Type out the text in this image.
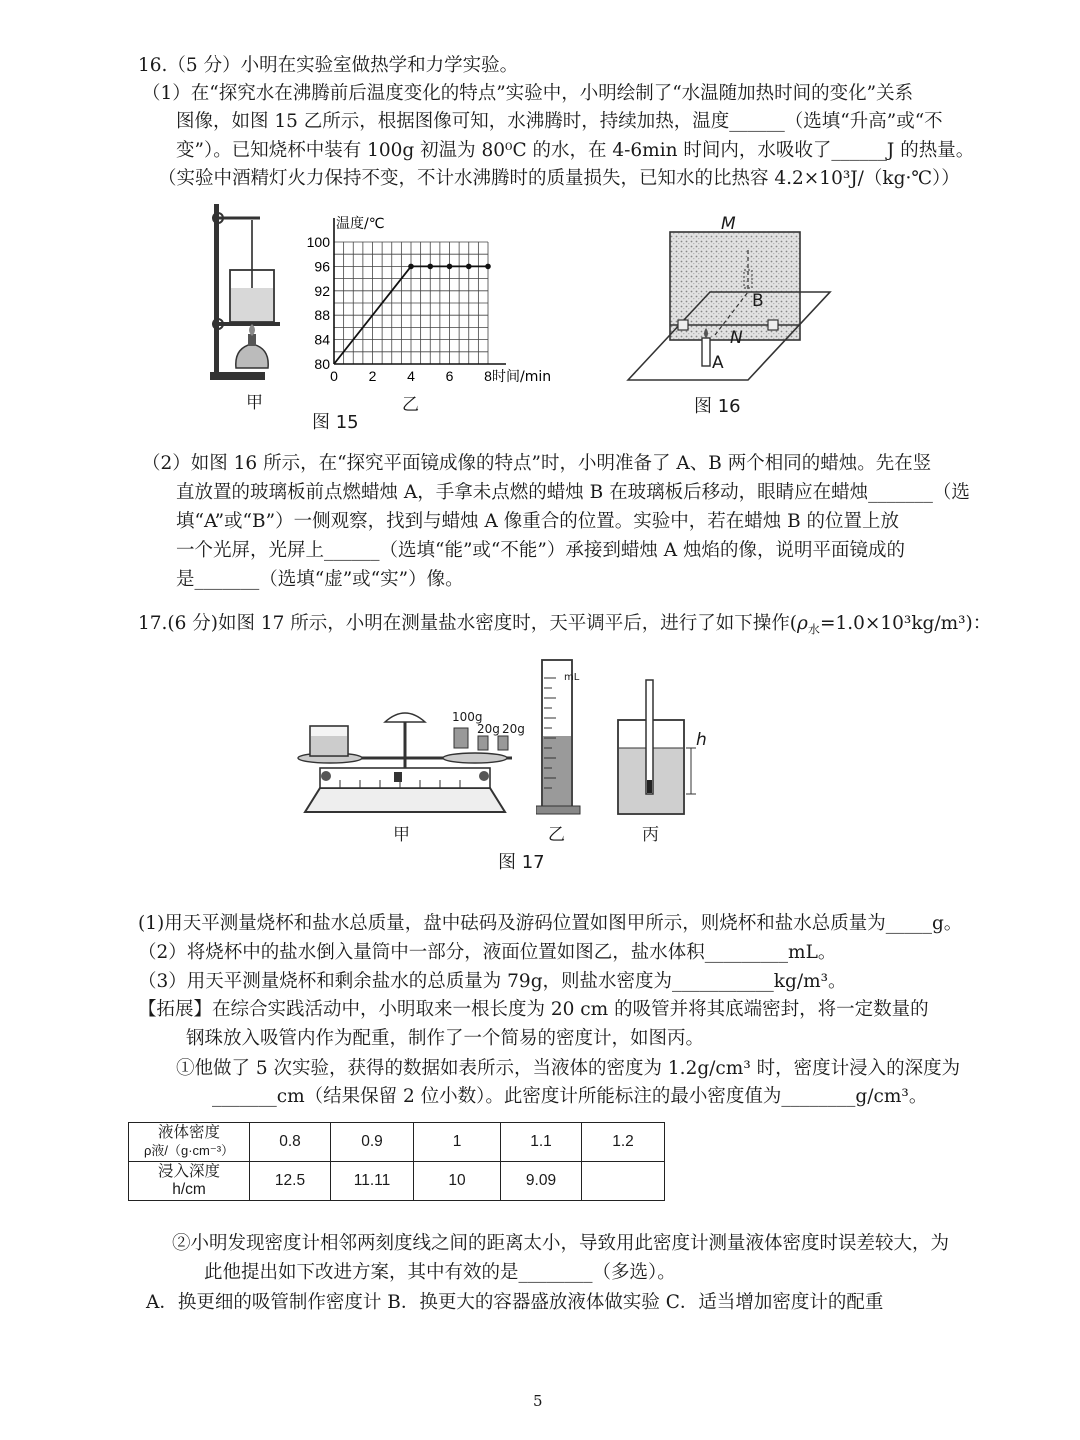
16.（5 分）小明在实验室做热学和力学实验。
（1）在“探究水在沸腾前后温度变化的特点”实验中，小明绘制了“水温随加热时间的变化”关系
图像，如图 15 乙所示，根据图像可知，水沸腾时，持续加热，温度______（选填“升高”或“不
变”）。已知烧杯中装有 100g 初温为 80⁰C 的水，在 4-6min 时间内，水吸收了______J 的热量。
（实验中酒精灯火力保持不变，不计水沸腾时的质量损失，已知水的比热容 4.2×10³J/（kg·℃））
甲
0 2 4 6 8
80
84
88
92
96
100
时间/min
温度/℃
乙
图 15
M
N
A
B
图 16
（2）如图 16 所示，在“探究平面镜成像的特点”时，小明准备了 A、B 两个相同的蜡烛。先在竖
直放置的玻璃板前点燃蜡烛 A，手拿未点燃的蜡烛 B 在玻璃板后移动，眼睛应在蜡烛_______（选
填“A”或“B”）一侧观察，找到与蜡烛 A 像重合的位置。实验中，若在蜡烛 B 的位置上放
一个光屏，光屏上______（选填“能”或“不能”）承接到蜡烛 A 烛焰的像，说明平面镜成的
是_______（选填“虚”或“实”）像。
17.(6 分)如图 17 所示，小明在测量盐水密度时，天平调平后，进行了如下操作$(\rho_水=1.0\times 10^3kg/m^3)$：
100g
20g 20g
甲
mL
乙
h
丙
图 17
(1)用天平测量烧杯和盐水总质量，盘中砝码及游码位置如图甲所示，则烧杯和盐水总质量为_____g。
（2）将烧杯中的盐水倒入量筒中一部分，液面位置如图乙，盐水体积_________mL。
（3）用天平测量烧杯和剩余盐水的总质量为 79g，则盐水密度为___________kg/m³。
【拓展】在综合实践活动中，小明取来一根长度为 20 cm 的吸管并将其底端密封，将一定数量的
钢珠放入吸管内作为配重，制作了一个简易的密度计，如图丙。
①他做了 5 次实验，获得的数据如表所示，当液体的密度为 1.2g/cm³ 时，密度计浸入的深度为
_______cm（结果保留 2 位小数）。此密度计所能标注的最小密度值为________g/cm³。
液体密度
ρ液/（g·cm⁻³）	0.8	0.9	1	1.1	1.2

浸入深度
h/cm	12.5	11.11	10	9.09	
②小明发现密度计相邻两刻度线之间的距离太小，导致用此密度计测量液体密度时误差较大，为
此他提出如下改进方案，其中有效的是________（多选）。
A．换更细的吸管制作密度计 B．换更大的容器盛放液体做实验 C．适当增加密度计的配重
5
